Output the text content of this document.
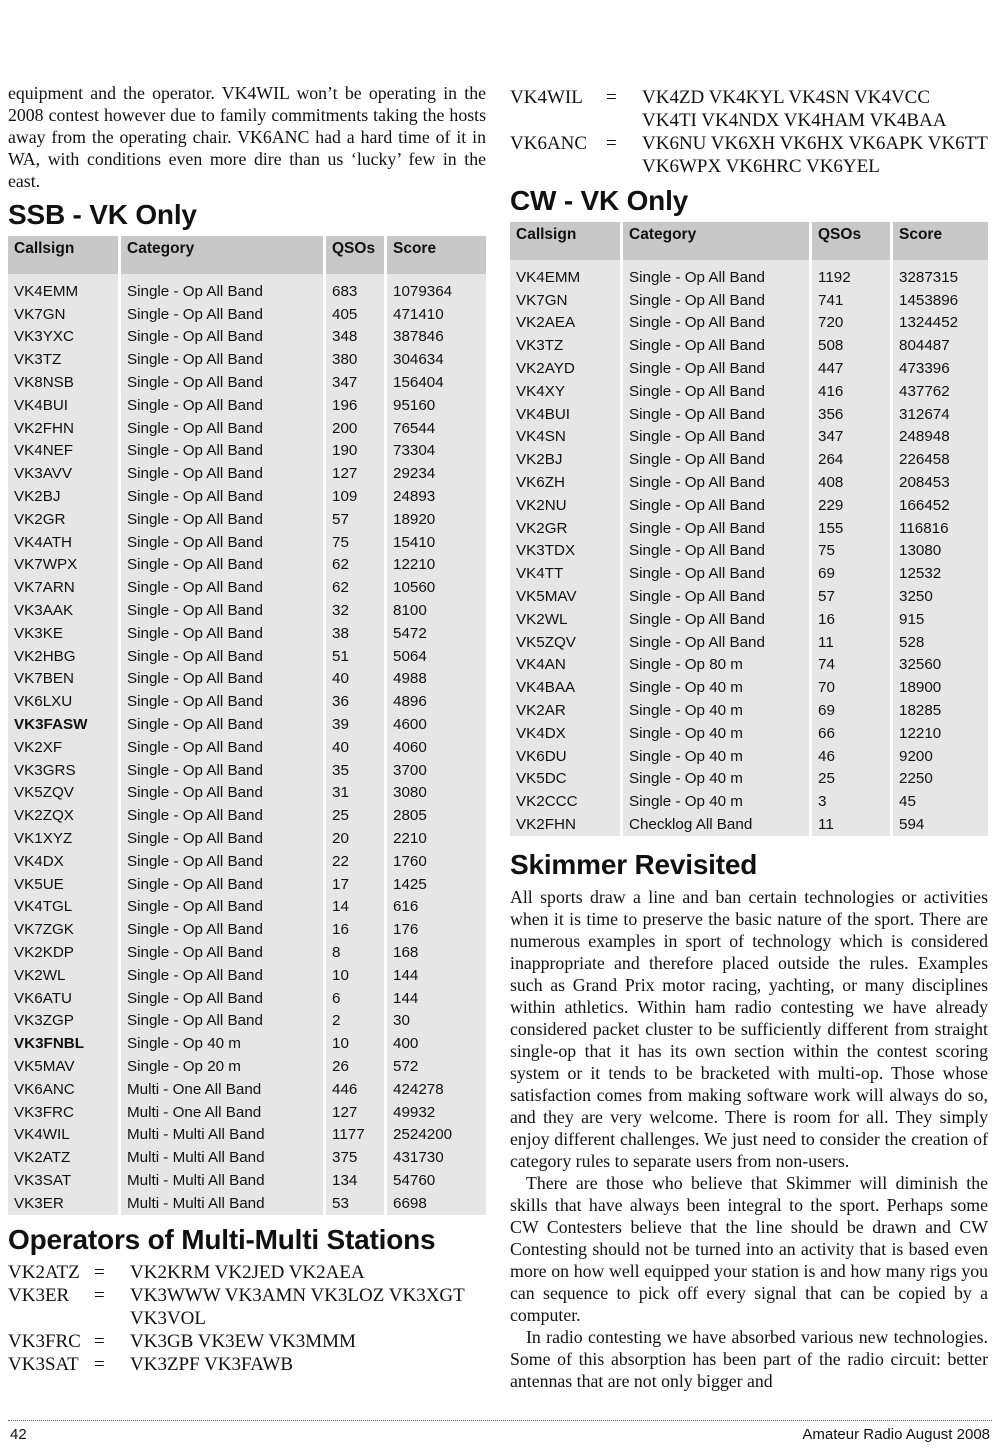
equipment and the operator. VK4WIL won’t be operating in the 2008 contest however due to family commitments taking the hosts away from the operating chair. VK6ANC had a hard time of it in WA, with conditions even more dire than us ‘lucky’ few in the east.

SSB - VK Only
Callsign	Category	QSOs	Score
VK4EMM	Single - Op All Band	683	1079364
VK7GN	Single - Op All Band	405	471410
VK3YXC	Single - Op All Band	348	387846
VK3TZ	Single - Op All Band	380	304634
VK8NSB	Single - Op All Band	347	156404
VK4BUI	Single - Op All Band	196	95160
VK2FHN	Single - Op All Band	200	76544
VK4NEF	Single - Op All Band	190	73304
VK3AVV	Single - Op All Band	127	29234
VK2BJ	Single - Op All Band	109	24893
VK2GR	Single - Op All Band	57	18920
VK4ATH	Single - Op All Band	75	15410
VK7WPX	Single - Op All Band	62	12210
VK7ARN	Single - Op All Band	62	10560
VK3AAK	Single - Op All Band	32	8100
VK3KE	Single - Op All Band	38	5472
VK2HBG	Single - Op All Band	51	5064
VK7BEN	Single - Op All Band	40	4988
VK6LXU	Single - Op All Band	36	4896
VK3FASW	Single - Op All Band	39	4600
VK2XF	Single - Op All Band	40	4060
VK3GRS	Single - Op All Band	35	3700
VK5ZQV	Single - Op All Band	31	3080
VK2ZQX	Single - Op All Band	25	2805
VK1XYZ	Single - Op All Band	20	2210
VK4DX	Single - Op All Band	22	1760
VK5UE	Single - Op All Band	17	1425
VK4TGL	Single - Op All Band	14	616
VK7ZGK	Single - Op All Band	16	176
VK2KDP	Single - Op All Band	8	168
VK2WL	Single - Op All Band	10	144
VK6ATU	Single - Op All Band	6	144
VK3ZGP	Single - Op All Band	2	30
VK3FNBL	Single - Op 40 m	10	400
VK5MAV	Single - Op 20 m	26	572
VK6ANC	Multi - One All Band	446	424278
VK3FRC	Multi - One All Band	127	49932
VK4WIL	Multi - Multi All Band	1177	2524200
VK2ATZ	Multi - Multi All Band	375	431730
VK3SAT	Multi - Multi All Band	134	54760
VK3ER	Multi - Multi All Band	53	6698
Operators of Multi-Multi Stations
VK2ATZ =	VK2KRM VK2JED VK2AEA
VK3ER	=	VK3WWW VK3AMN VK3LOZ VK3XGT VK3VOL
VK3FRC =	VK3GB VK3EW VK3MMM
VK3SAT =	VK3ZPF VK3FAWB
VK4WIL	=	VK4ZD VK4KYL VK4SN VK4VCC VK4TI VK4NDX VK4HAM VK4BAA
VK6ANC =	VK6NU VK6XH VK6HX VK6APK VK6TT VK6WPX VK6HRC VK6YEL
CW - VK Only
Callsign	Category	QSOs	Score
VK4EMM	Single - Op All Band	1192	3287315
VK7GN	Single - Op All Band	741	1453896
VK2AEA	Single - Op All Band	720	1324452
VK3TZ	Single - Op All Band	508	804487
VK2AYD	Single - Op All Band	447	473396
VK4XY	Single - Op All Band	416	437762
VK4BUI	Single - Op All Band	356	312674
VK4SN	Single - Op All Band	347	248948
VK2BJ	Single - Op All Band	264	226458
VK6ZH	Single - Op All Band	408	208453
VK2NU	Single - Op All Band	229	166452
VK2GR	Single - Op All Band	155	116816
VK3TDX	Single - Op All Band	75	13080
VK4TT	Single - Op All Band	69	12532
VK5MAV	Single - Op All Band	57	3250
VK2WL	Single - Op All Band	16	915
VK5ZQV	Single - Op All Band	11	528
VK4AN	Single - Op 80 m	74	32560
VK4BAA	Single - Op 40 m	70	18900
VK2AR	Single - Op 40 m	69	18285
VK4DX	Single - Op 40 m	66	12210
VK6DU	Single - Op 40 m	46	9200
VK5DC	Single - Op 40 m	25	2250
VK2CCC	Single - Op 40 m	3	45
VK2FHN	Checklog All Band	11	594
Skimmer Revisited

All sports draw a line and ban certain technologies or activities when it is time to preserve the basic nature of the sport. There are numerous examples in sport of technology which is considered inappropriate and therefore placed outside the rules. Examples such as Grand Prix motor racing, yachting, or many disciplines within athletics. Within ham radio contesting we have already considered packet cluster to be sufficiently different from straight single-op that it has its own section within the contest scoring system or it tends to be bracketed with multi-op. Those whose satisfaction comes from making software work will always do so, and they are very welcome. There is room for all. They simply enjoy different challenges. We just need to consider the creation of category rules to separate users from non-users.

There are those who believe that Skimmer will diminish the skills that have always been integral to the sport. Perhaps some CW Contesters believe that the line should be drawn and CW Contesting should not be turned into an activity that is based even more on how well equipped your station is and how many rigs you can sequence to pick off every signal that can be copied by a computer.

In radio contesting we have absorbed various new technologies. Some of this absorption has been part of the radio circuit: better antennas that are not only bigger and

42	Amateur Radio August 2008
